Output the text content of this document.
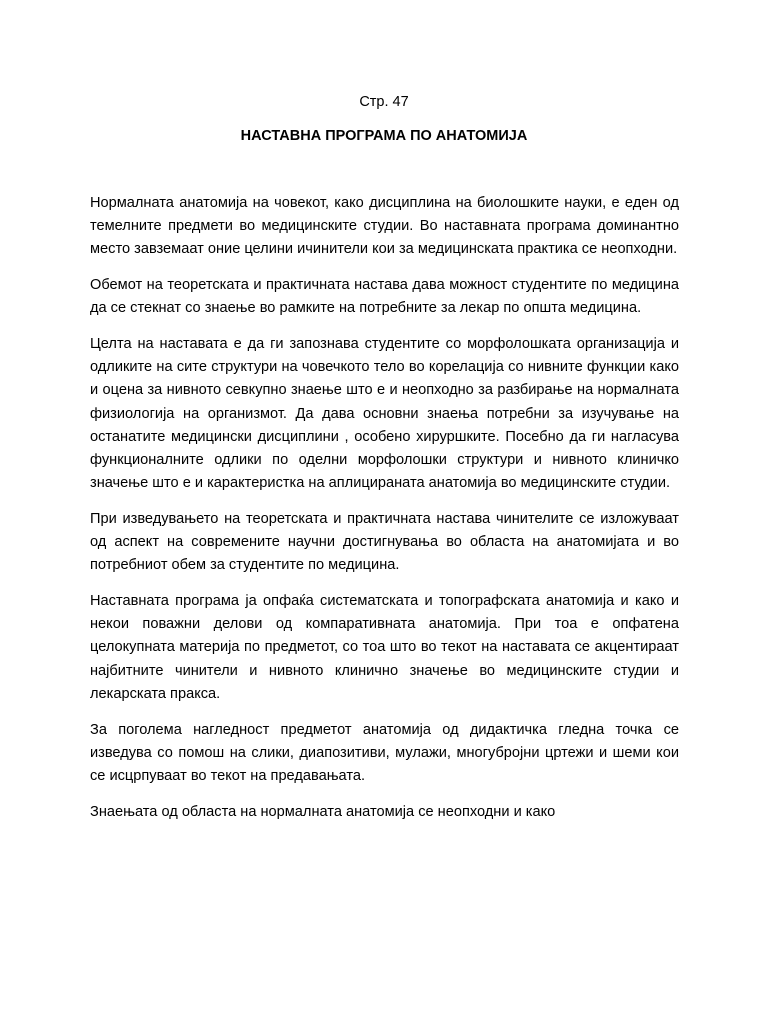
Стр. 47
НАСТАВНА ПРОГРАМА ПО АНАТОМИЈА

Нормалната анатомија на човекот, како дисциплина на биолошките науки, е еден од темелните предмети во медицинските студии. Во наставната програма доминантно место завземаат оние целини ичинители кои за медицинската практика се неопходни.

Обемот на теоретската и практичната настава дава можност студентите по медицина да се стекнат со знаење во рамките на потребните за лекар по општа медицина.

Целта на наставата е да ги запознава студентите со морфолошката организација и одликите на сите структури на човечкото тело во корелација со нивните функции како и оцена за нивното севкупно знаење што е и неопходно за разбирање на нормалната физиологија на организмот. Да дава основни знаења потребни за изучување на останатите медицински дисциплини , особено хируршките. Посебно да ги нагласува функционалните одлики по оделни морфолошки структури и нивното клиничко значење што е и карактеристка на аплицираната анатомија во медицинските студии.

При изведувањето на теоретската и практичната настава чинителите се изложуваат од аспект на современите научни достигнувања во областа на анатомијата и во потребниот обем за студентите по медицина.

Наставната програма ја опфаќа систематската и топографската анатомија и како и некои поважни делови од компаративната анатомија. При тоа е опфатена целокупната материја по предметот, со тоа што во текот на наставата се акцентираат најбитните чинители и нивното клинично значење во медицинските студии и лекарската пракса.

За поголема нагледност предметот анатомија од дидактичка гледна точка се изведува со помош на слики, диапозитиви, мулажи, многубројни цртежи и шеми кои се исцрпуваат во текот на предавањата.

Знаењата од областа на нормалната анатомија се неопходни и како
